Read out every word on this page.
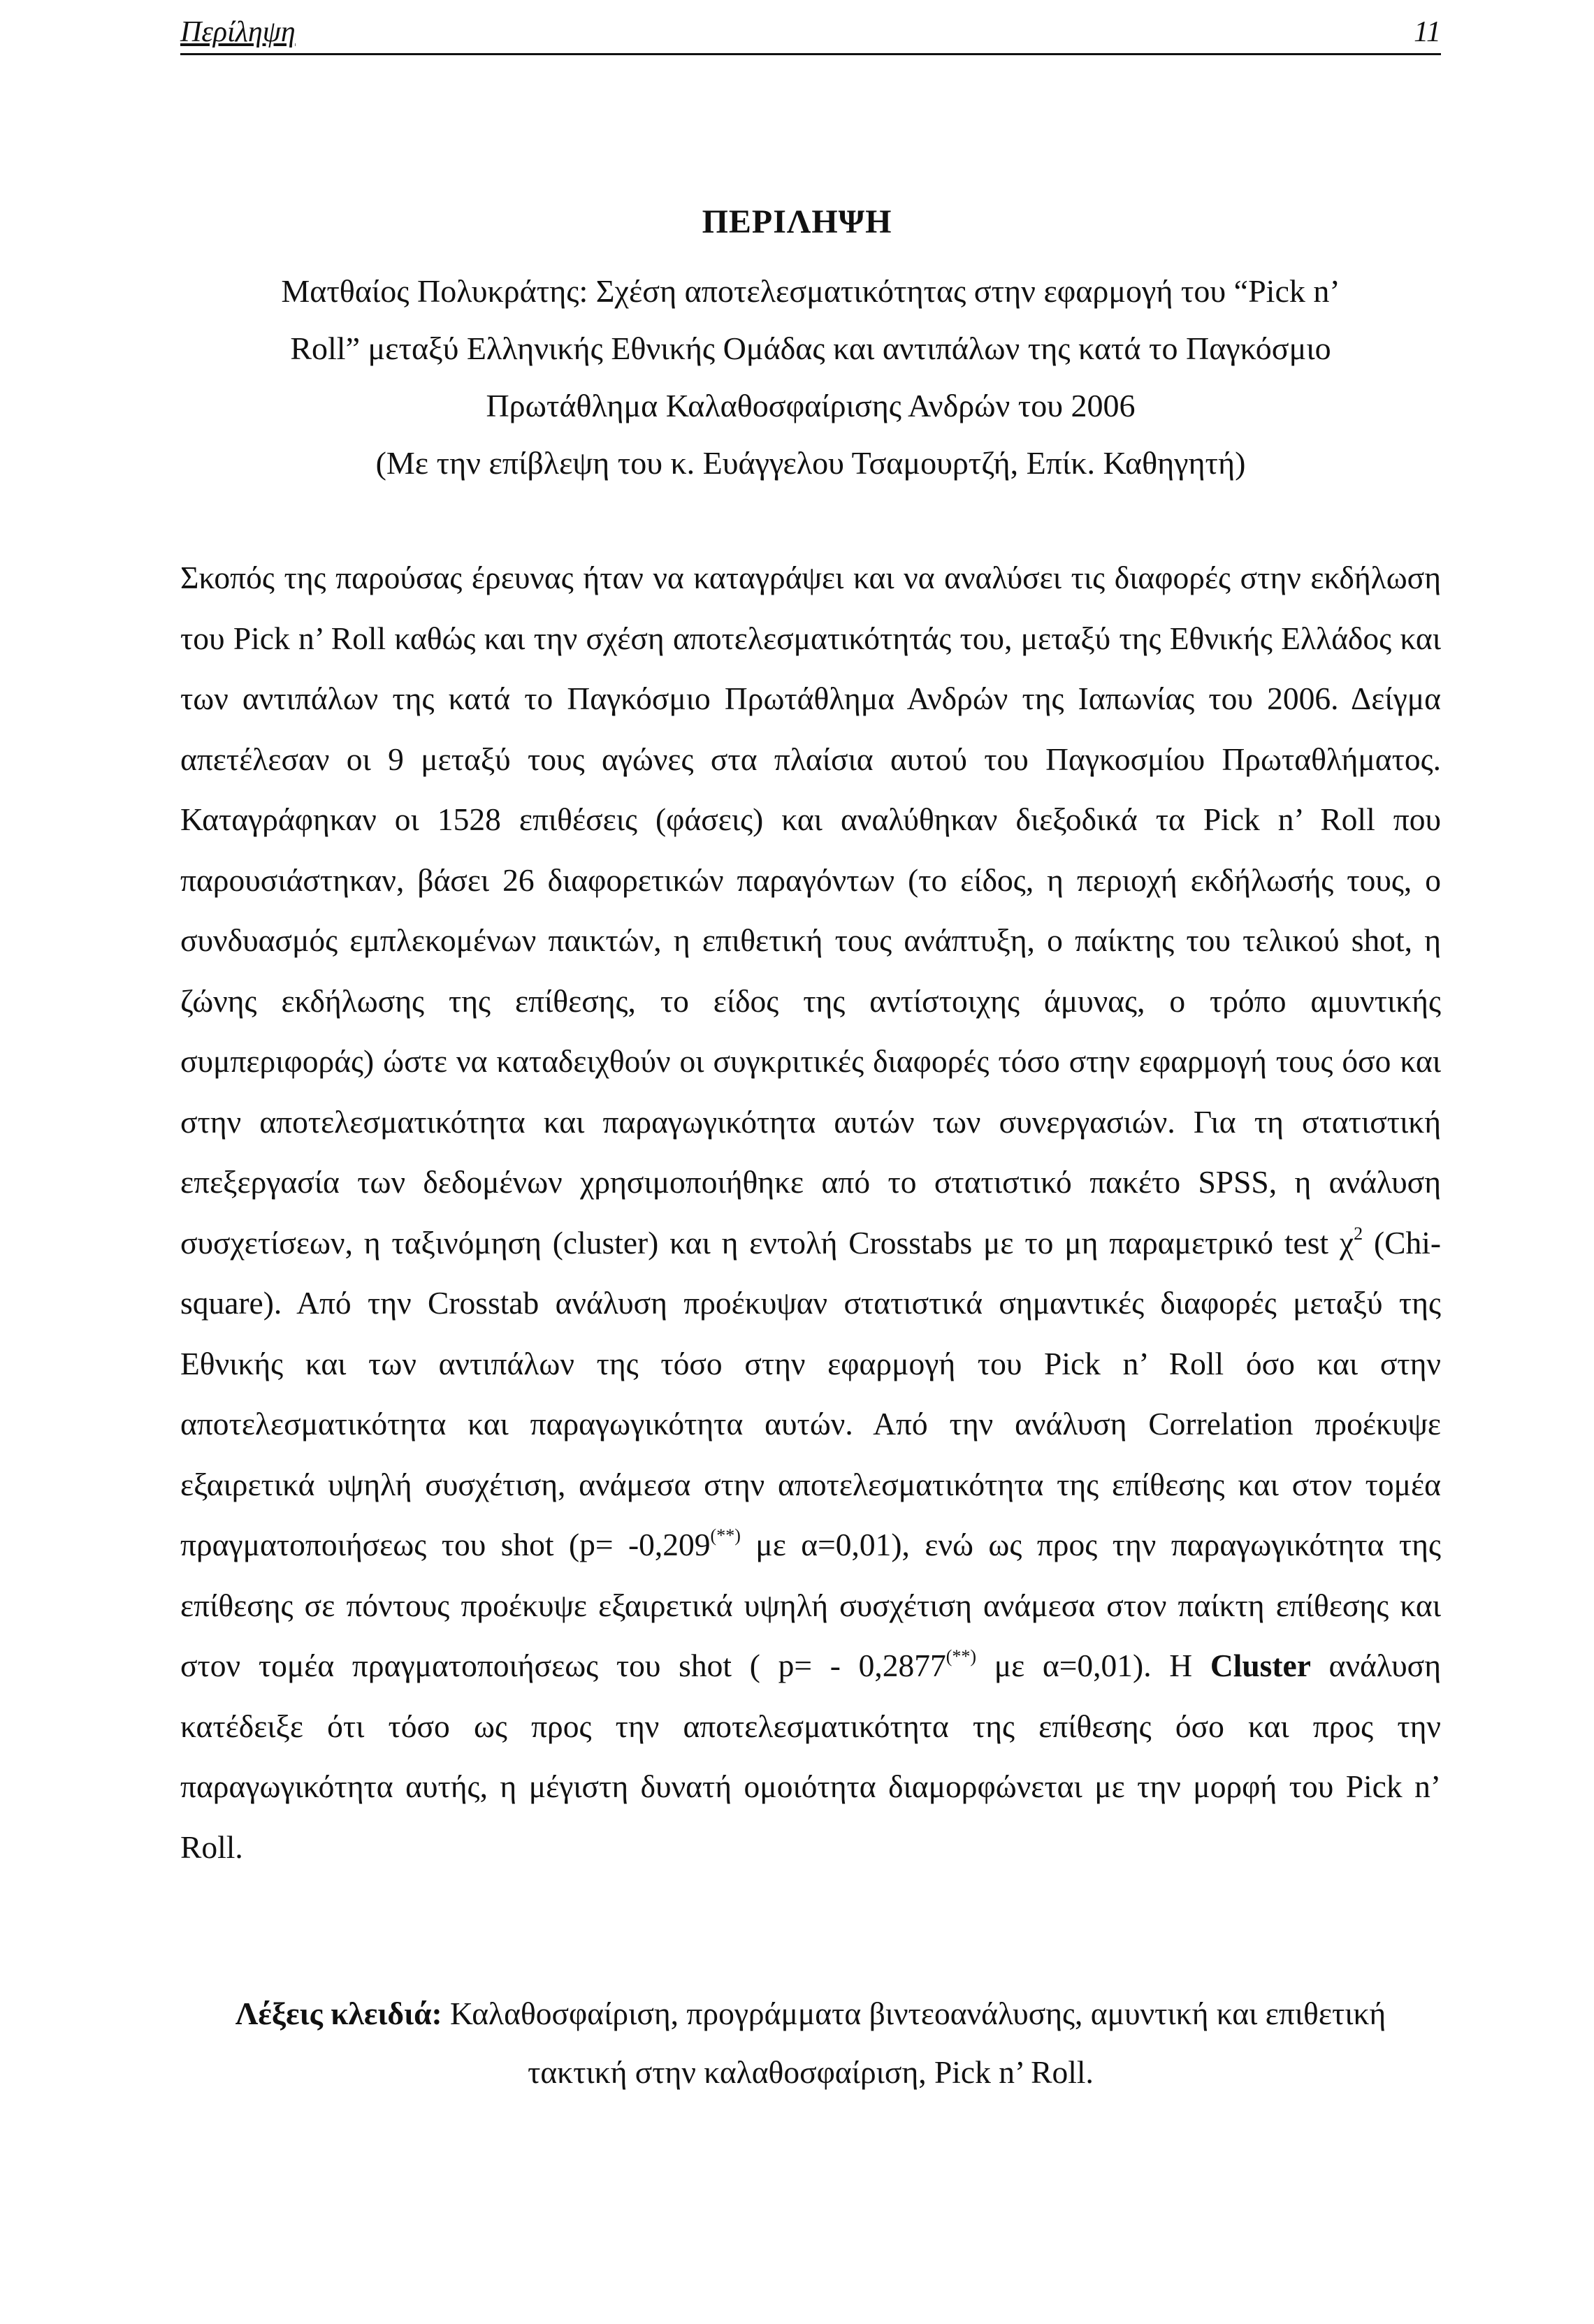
Περίληψη	11
ΠΕΡΙΛΗΨΗ
Ματθαίος Πολυκράτης: Σχέση αποτελεσματικότητας στην εφαρμογή του “Pick n’
Roll” μεταξύ Ελληνικής Εθνικής Ομάδας και αντιπάλων της κατά το Παγκόσμιο
Πρωτάθλημα Καλαθοσφαίρισης Ανδρών του 2006
(Με την επίβλεψη του κ. Ευάγγελου Τσαμουρτζή, Επίκ. Καθηγητή)
Σκοπός της παρούσας έρευνας ήταν να καταγράψει και να αναλύσει τις διαφορές στην εκδήλωση του Pick n’ Roll καθώς και την σχέση αποτελεσματικότητάς του, μεταξύ της Εθνικής Ελλάδος και των αντιπάλων της κατά το Παγκόσμιο Πρωτάθλημα Ανδρών της Ιαπωνίας του 2006. Δείγμα απετέλεσαν οι 9 μεταξύ τους αγώνες στα πλαίσια αυτού του Παγκοσμίου Πρωταθλήματος. Καταγράφηκαν οι 1528 επιθέσεις (φάσεις) και αναλύθηκαν διεξοδικά τα Pick n’ Roll που παρουσιάστηκαν, βάσει 26 διαφορετικών παραγόντων (το είδος, η περιοχή εκδήλωσής τους, ο συνδυασμός εμπλεκομένων παικτών, η επιθετική τους ανάπτυξη, ο παίκτης του τελικού shot, η ζώνης εκδήλωσης της επίθεσης, το είδος της αντίστοιχης άμυνας, ο τρόπο αμυντικής συμπεριφοράς) ώστε να καταδειχθούν οι συγκριτικές διαφορές τόσο στην εφαρμογή τους όσο και στην αποτελεσματικότητα και παραγωγικότητα αυτών των συνεργασιών. Για τη στατιστική επεξεργασία των δεδομένων χρησιμοποιήθηκε από το στατιστικό πακέτο SPSS, η ανάλυση συσχετίσεων, η ταξινόμηση (cluster) και η εντολή Crosstabs με το μη παραμετρικό test $\chi^2$ (Chi-square). Από την Crosstab ανάλυση προέκυψαν στατιστικά σημαντικές διαφορές μεταξύ της Εθνικής και των αντιπάλων της τόσο στην εφαρμογή του Pick n’ Roll όσο και στην αποτελεσματικότητα και παραγωγικότητα αυτών. Από την ανάλυση Correlation προέκυψε εξαιρετικά υψηλή συσχέτιση, ανάμεσα στην αποτελεσματικότητα της επίθεσης και στον τομέα πραγματοποιήσεως του shot (p= -0,209(**) με α=0,01), ενώ ως προς την παραγωγικότητα της επίθεσης σε πόντους προέκυψε εξαιρετικά υψηλή συσχέτιση ανάμεσα στον παίκτη επίθεσης και στον τομέα πραγματοποιήσεως του shot ( p= - 0,2877(**) με α=0,01). Η Cluster ανάλυση κατέδειξε ότι τόσο ως προς την αποτελεσματικότητα της επίθεσης όσο και προς την παραγωγικότητα αυτής, η μέγιστη δυνατή ομοιότητα διαμορφώνεται με την μορφή του Pick n’ Roll.
Λέξεις κλειδιά: Καλαθοσφαίριση, προγράμματα βιντεοανάλυσης, αμυντική και επιθετική
τακτική στην καλαθοσφαίριση, Pick n’ Roll.
